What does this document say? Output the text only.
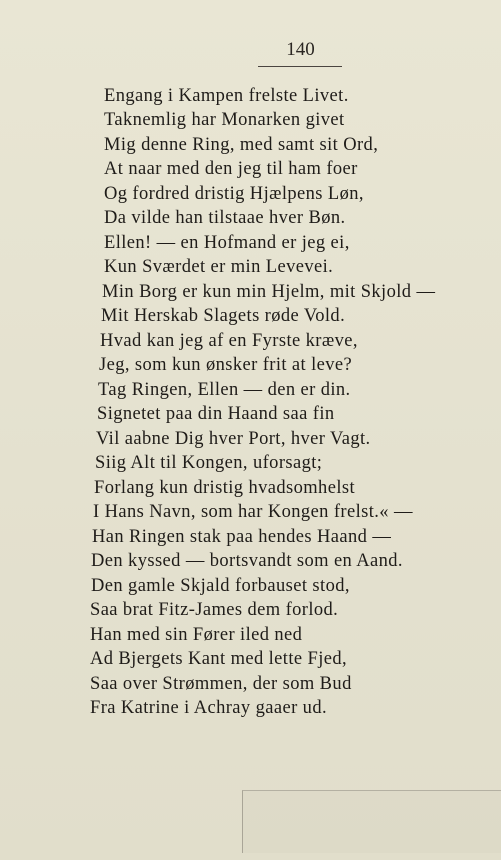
140
Engang i Kampen frelste Livet.
Taknemlig har Monarken givet
Mig denne Ring, med samt sit Ord,
At naar med den jeg til ham foer
Og fordred dristig Hjælpens Løn,
Da vilde han tilstaae hver Bøn.
Ellen! — en Hofmand er jeg ei,
Kun Sværdet er min Levevei.
Min Borg er kun min Hjelm, mit Skjold —
Mit Herskab Slagets røde Vold.
Hvad kan jeg af en Fyrste kræve,
Jeg, som kun ønsker frit at leve?
Tag Ringen, Ellen — den er din.
Signetet paa din Haand saa fin
Vil aabne Dig hver Port, hver Vagt.
Siig Alt til Kongen, uforsagt;
Forlang kun dristig hvadsomhelst
I Hans Navn, som har Kongen frelst.« —
Han Ringen stak paa hendes Haand —
Den kyssed — bortsvandt som en Aand.
Den gamle Skjald forbauset stod,
Saa brat Fitz-James dem forlod.
Han med sin Fører iled ned
Ad Bjergets Kant med lette Fjed,
Saa over Strømmen, der som Bud
Fra Katrine i Achray gaaer ud.
